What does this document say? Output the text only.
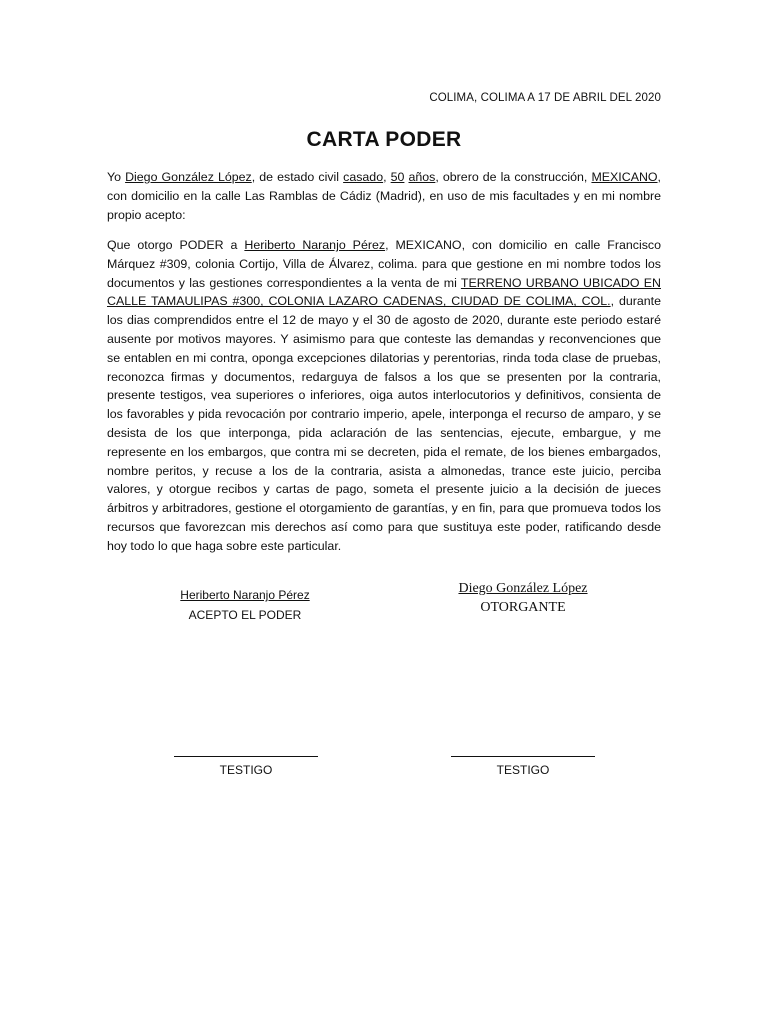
COLIMA, COLIMA A 17 DE ABRIL DEL 2020
CARTA PODER
Yo Diego González López, de estado civil casado, 50 años, obrero de la construcción, MEXICANO, con domicilio en la calle Las Ramblas de Cádiz (Madrid), en uso de mis facultades y en mi nombre propio acepto:
Que otorgo PODER a Heriberto Naranjo Pérez, MEXICANO, con domicilio en calle Francisco Márquez #309, colonia Cortijo, Villa de Álvarez, colima. para que gestione en mi nombre todos los documentos y las gestiones correspondientes a la venta de mi TERRENO URBANO UBICADO EN CALLE TAMAULIPAS #300, COLONIA LAZARO CADENAS, CIUDAD DE COLIMA, COL., durante los dias comprendidos entre el 12 de mayo y el 30 de agosto de 2020, durante este periodo estaré ausente por motivos mayores. Y asimismo para que conteste las demandas y reconvenciones que se entablen en mi contra, oponga excepciones dilatorias y perentorias, rinda toda clase de pruebas, reconozca firmas y documentos, redarguya de falsos a los que se presenten por la contraria, presente testigos, vea superiores o inferiores, oiga autos interlocutorios y definitivos, consienta de los favorables y pida revocación por contrario imperio, apele, interponga el recurso de amparo, y se desista de los que interponga, pida aclaración de las sentencias, ejecute, embargue, y me represente en los embargos, que contra mi se decreten, pida el remate, de los bienes embargados, nombre peritos, y recuse a los de la contraria, asista a almonedas, trance este juicio, perciba valores, y otorgue recibos y cartas de pago, someta el presente juicio a la decisión de jueces árbitros y arbitradores, gestione el otorgamiento de garantías, y en fin, para que promueva todos los recursos que favorezcan mis derechos así como para que sustituya este poder, ratificando desde hoy todo lo que haga sobre este particular.
Heriberto Naranjo Pérez
ACEPTO EL PODER
Diego González López
OTORGANTE
TESTIGO	TESTIGO
